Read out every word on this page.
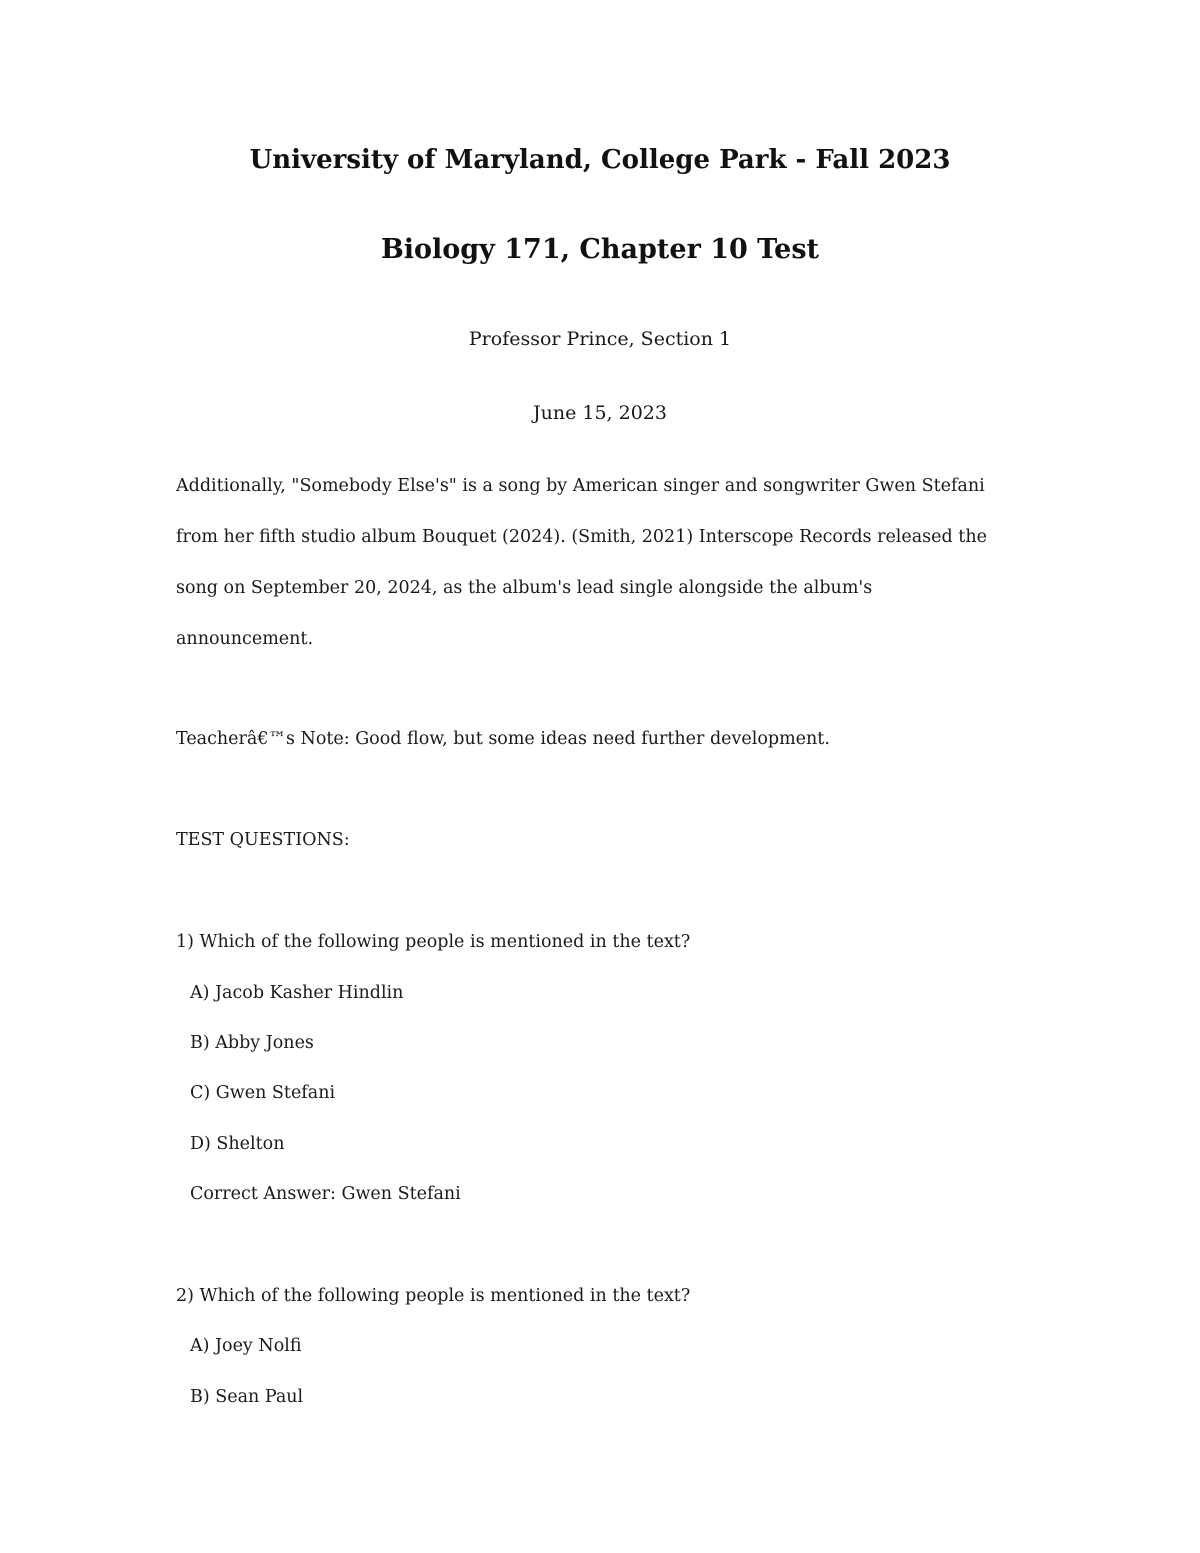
University of Maryland, College Park - Fall 2023
Biology 171, Chapter 10 Test

Professor Prince, Section 1

June 15, 2023

Additionally, "Somebody Else's" is a song by American singer and songwriter Gwen Stefani

from her fifth studio album Bouquet (2024). (Smith, 2021) Interscope Records released the

song on September 20, 2024, as the album's lead single alongside the album's

announcement.

Teacherâ€™s Note: Good flow, but some ideas need further development.

TEST QUESTIONS:

1) Which of the following people is mentioned in the text?

A) Jacob Kasher Hindlin

B) Abby Jones

C) Gwen Stefani

D) Shelton

Correct Answer: Gwen Stefani

2) Which of the following people is mentioned in the text?

A) Joey Nolfi

B) Sean Paul
